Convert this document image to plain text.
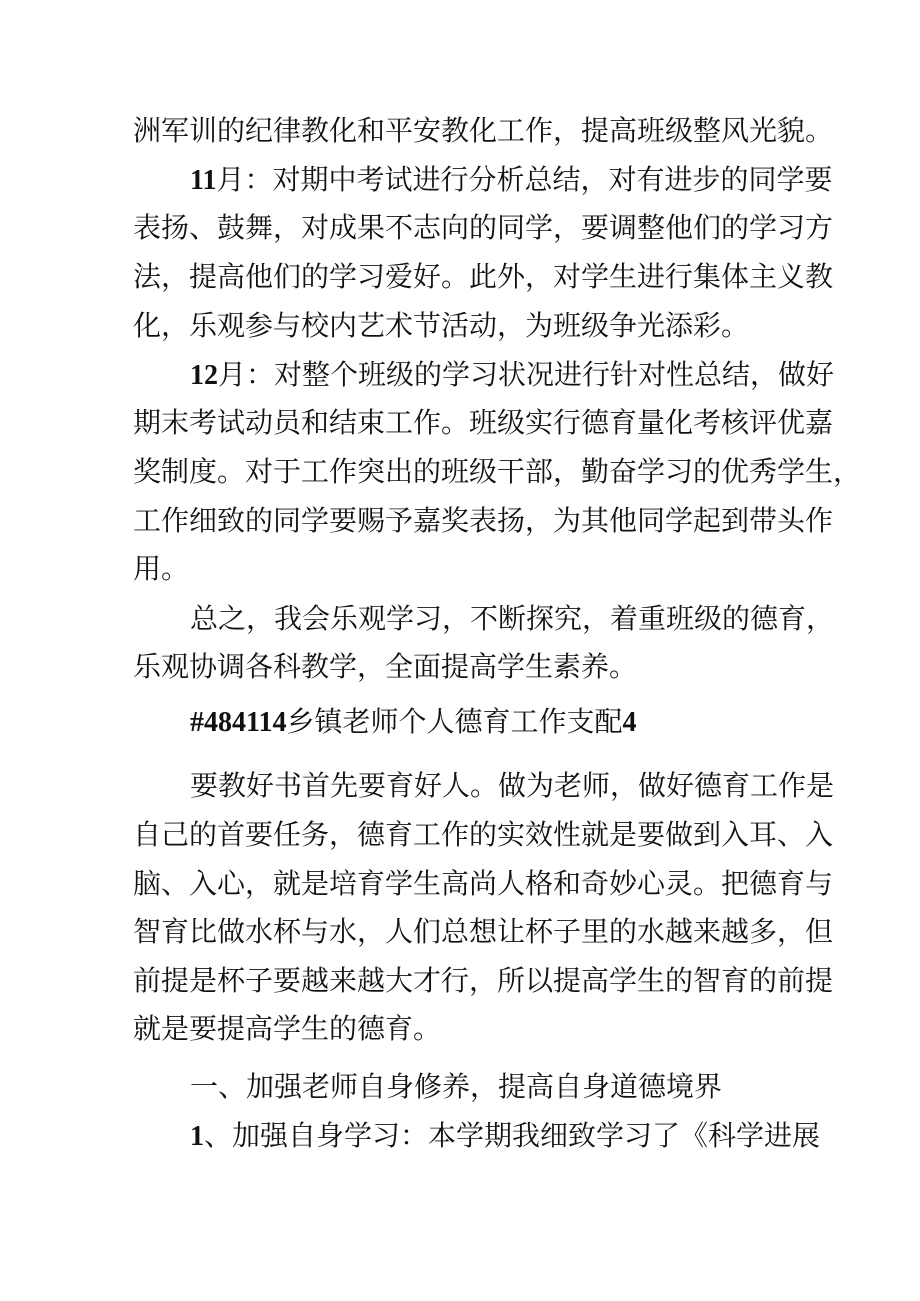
洲军训的纪律教化和平安教化工作，提高班级整风光貌。
11月：对期中考试进行分析总结，对有进步的同学要
表扬、鼓舞，对成果不志向的同学，要调整他们的学习方
法，提高他们的学习爱好。此外，对学生进行集体主义教
化，乐观参与校内艺术节活动，为班级争光添彩。
12月：对整个班级的学习状况进行针对性总结，做好
期末考试动员和结束工作。班级实行德育量化考核评优嘉
奖制度。对于工作突出的班级干部，勤奋学习的优秀学生，
工作细致的同学要赐予嘉奖表扬，为其他同学起到带头作
用。
总之，我会乐观学习，不断探究，着重班级的德育，
乐观协调各科教学，全面提高学生素养。
#484114乡镇老师个人德育工作支配4
要教好书首先要育好人。做为老师，做好德育工作是
自己的首要任务，德育工作的实效性就是要做到入耳、入
脑、入心，就是培育学生高尚人格和奇妙心灵。把德育与
智育比做水杯与水，人们总想让杯子里的水越来越多，但
前提是杯子要越来越大才行，所以提高学生的智育的前提
就是要提高学生的德育。
一、加强老师自身修养，提高自身道德境界
1、加强自身学习：本学期我细致学习了《科学进展
